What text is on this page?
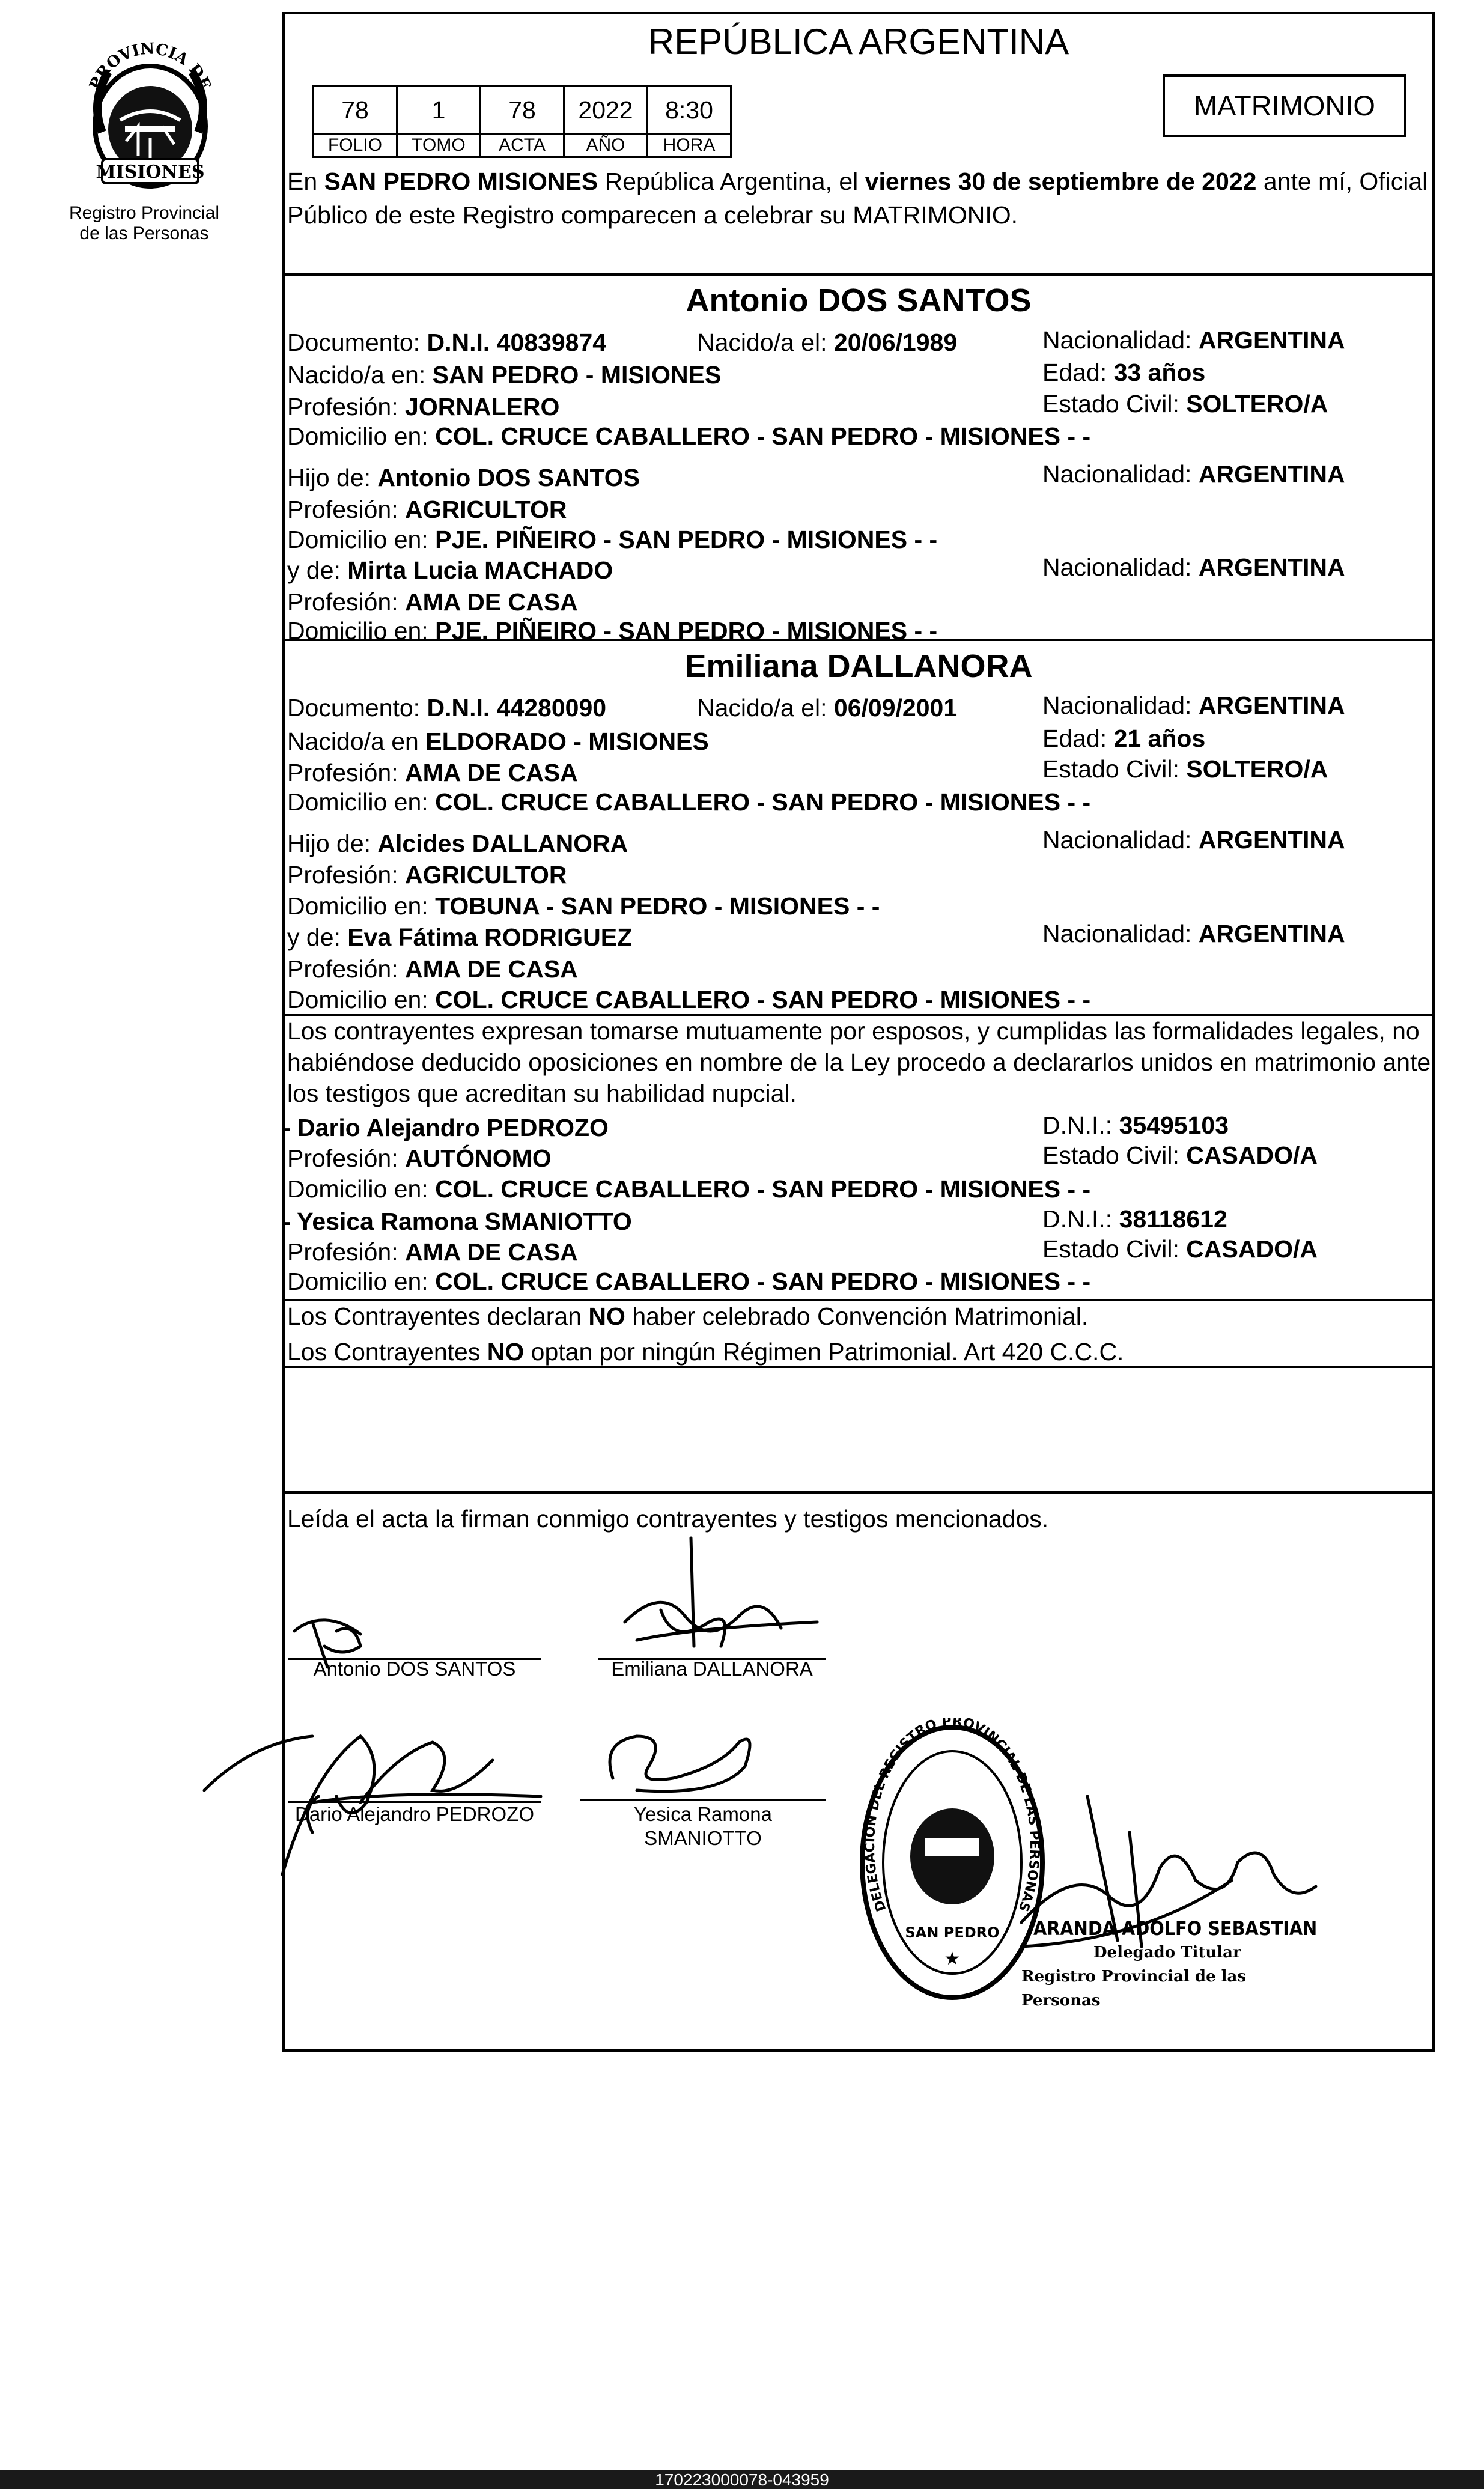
PROVINCIA DE
MISIONES
Registro Provincial
de las Personas
REPÚBLICA ARGENTINA
78	1	78	2022	8:30
FOLIO	TOMO	ACTA	AÑO	HORA
MATRIMONIO
En SAN PEDRO MISIONES República Argentina, el viernes 30 de septiembre de 2022 ante mí, Oficial Público de este Registro comparecen a celebrar su MATRIMONIO.
Antonio DOS SANTOS
Documento: D.N.I. 40839874	Nacido/a el: 20/06/1989	Nacionalidad: ARGENTINA
Nacido/a en: SAN PEDRO - MISIONES	Edad: 33 años
Profesión: JORNALERO	Estado Civil: SOLTERO/A
Domicilio en: COL. CRUCE CABALLERO - SAN PEDRO - MISIONES - -
Hijo de: Antonio DOS SANTOS	Nacionalidad: ARGENTINA
Profesión: AGRICULTOR
Domicilio en: PJE. PIÑEIRO - SAN PEDRO - MISIONES - -
y de: Mirta Lucia MACHADO	Nacionalidad: ARGENTINA
Profesión: AMA DE CASA
Domicilio en: PJE. PIÑEIRO - SAN PEDRO - MISIONES - -
Emiliana DALLANORA
Documento: D.N.I. 44280090	Nacido/a el: 06/09/2001	Nacionalidad: ARGENTINA
Nacido/a en ELDORADO - MISIONES	Edad: 21 años
Profesión: AMA DE CASA	Estado Civil: SOLTERO/A
Domicilio en: COL. CRUCE CABALLERO - SAN PEDRO - MISIONES - -
Hijo de: Alcides DALLANORA	Nacionalidad: ARGENTINA
Profesión: AGRICULTOR
Domicilio en: TOBUNA - SAN PEDRO - MISIONES - -
y de: Eva Fátima RODRIGUEZ	Nacionalidad: ARGENTINA
Profesión: AMA DE CASA
Domicilio en: COL. CRUCE CABALLERO - SAN PEDRO - MISIONES - -
Los contrayentes expresan tomarse mutuamente por esposos, y cumplidas las formalidades legales, no habiéndose deducido oposiciones en nombre de la Ley procedo a declararlos unidos en matrimonio ante los testigos que acreditan su habilidad nupcial.
- Dario Alejandro PEDROZO	D.N.I.: 35495103
Profesión: AUTÓNOMO	Estado Civil: CASADO/A
Domicilio en: COL. CRUCE CABALLERO - SAN PEDRO - MISIONES - -
- Yesica Ramona SMANIOTTO	D.N.I.: 38118612
Profesión: AMA DE CASA	Estado Civil: CASADO/A
Domicilio en: COL. CRUCE CABALLERO - SAN PEDRO - MISIONES - -
Los Contrayentes declaran NO haber celebrado Convención Matrimonial.
Los Contrayentes NO optan por ningún Régimen Patrimonial. Art 420 C.C.C.
Leída el acta la firman conmigo contrayentes y testigos mencionados.
Antonio DOS SANTOS	Emiliana DALLANORA
Dario Alejandro PEDROZO	Yesica Ramona
SMANIOTTO
DELEGACION DEL REGISTRO PROVINCIAL DE LAS PERSONAS
SAN PEDRO
★
ARANDA ADOLFO SEBASTIAN
Delegado Titular
Registro Provincial de las Personas
170223000078-043959
